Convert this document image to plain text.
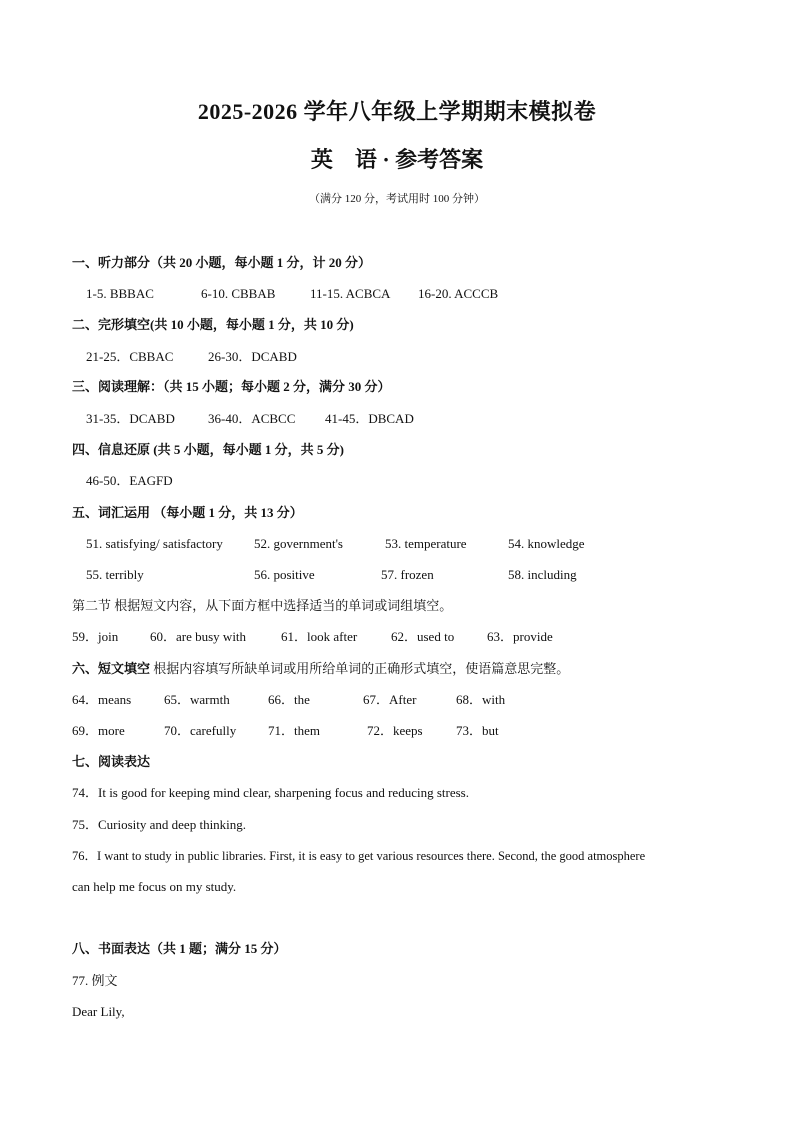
2025-2026 学年八年级上学期期末模拟卷
英 语 · 参考答案
（满分 120 分，考试用时 100 分钟）
一、听力部分（共 20 小题，每小题 1 分，计 20 分）
1-5. BBBAC	6-10. CBBAB	11-15. ACBCA 16-20. ACCCB
二、完形填空(共 10 小题，每小题 1 分，共 10 分)
21-25．CBBAC	26-30．DCABD
三、阅读理解：（共 15 小题；每小题 2 分，满分 30 分）
31-35．DCABD	36-40．ACBCC 41-45．DBCAD
四、信息还原 (共 5 小题，每小题 1 分，共 5 分)
46-50．EAGFD
五、词汇运用 （每小题 1 分，共 13 分）
51. satisfying/ satisfactory 52. government's	53. temperature	54. knowledge
55. terribly	56. positive	57. frozen	58. including
第二节 根据短文内容，从下面方框中选择适当的单词或词组填空。
59．join 60．are busy with	61．look after	62．used to	63．provide
六、短文填空 根据内容填写所缺单词或用所给单词的正确形式填空，使语篇意思完整。
64．means	65．warmth	66．the	67．After	68．with
69．more	70．carefully 71．them	72．keeps	73．but
七、阅读表达
74．It is good for keeping mind clear, sharpening focus and reducing stress.
75．Curiosity and deep thinking.
76．I want to study in public libraries. First, it is easy to get various resources there. Second, the good atmosphere
can help me focus on my study.
八、书面表达（共 1 题；满分 15 分）
77. 例文
Dear Lily,
